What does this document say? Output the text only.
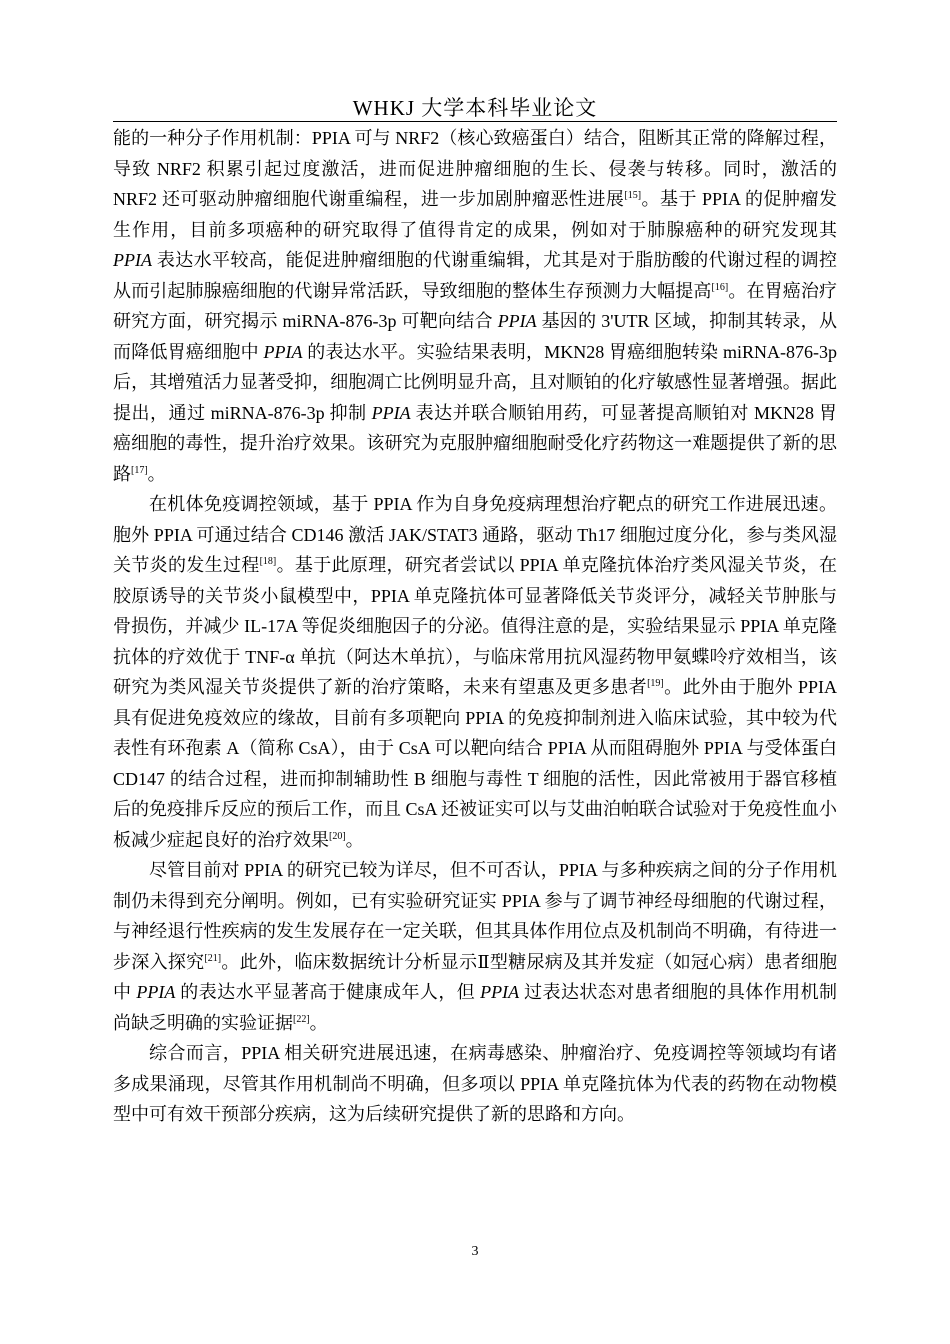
WHKJ 大学本科毕业论文

能的一种分子作用机制：PPIA 可与 NRF2（核心致癌蛋白）结合，阻断其正常的降解过程，导致 NRF2 积累引起过度激活，进而促进肿瘤细胞的生长、侵袭与转移。同时，激活的 NRF2 还可驱动肿瘤细胞代谢重编程，进一步加剧肿瘤恶性进展[15]。基于 PPIA 的促肿瘤发生作用，目前多项癌种的研究取得了值得肯定的成果，例如对于肺腺癌种的研究发现其 PPIA 表达水平较高，能促进肿瘤细胞的代谢重编辑，尤其是对于脂肪酸的代谢过程的调控从而引起肺腺癌细胞的代谢异常活跃，导致细胞的整体生存预测力大幅提高[16]。在胃癌治疗研究方面，研究揭示 miRNA-876-3p 可靶向结合 PPIA 基因的 3'UTR 区域，抑制其转录，从而降低胃癌细胞中 PPIA 的表达水平。实验结果表明，MKN28 胃癌细胞转染 miRNA-876-3p 后，其增殖活力显著受抑，细胞凋亡比例明显升高，且对顺铂的化疗敏感性显著增强。据此提出，通过 miRNA-876-3p 抑制 PPIA 表达并联合顺铂用药，可显著提高顺铂对 MKN28 胃癌细胞的毒性，提升治疗效果。该研究为克服肿瘤细胞耐受化疗药物这一难题提供了新的思路[17]。

在机体免疫调控领域，基于 PPIA 作为自身免疫病理想治疗靶点的研究工作进展迅速。胞外 PPIA 可通过结合 CD146 激活 JAK/STAT3 通路，驱动 Th17 细胞过度分化，参与类风湿关节炎的发生过程[18]。基于此原理，研究者尝试以 PPIA 单克隆抗体治疗类风湿关节炎，在胶原诱导的关节炎小鼠模型中，PPIA 单克隆抗体可显著降低关节炎评分，减轻关节肿胀与骨损伤，并减少 IL-17A 等促炎细胞因子的分泌。值得注意的是，实验结果显示 PPIA 单克隆抗体的疗效优于 TNF-α 单抗（阿达木单抗），与临床常用抗风湿药物甲氨蝶呤疗效相当，该研究为类风湿关节炎提供了新的治疗策略，未来有望惠及更多患者[19]。此外由于胞外 PPIA 具有促进免疫效应的缘故，目前有多项靶向 PPIA 的免疫抑制剂进入临床试验，其中较为代表性有环孢素 A（简称 CsA），由于 CsA 可以靶向结合 PPIA 从而阻碍胞外 PPIA 与受体蛋白 CD147 的结合过程，进而抑制辅助性 B 细胞与毒性 T 细胞的活性，因此常被用于器官移植后的免疫排斥反应的预后工作，而且 CsA 还被证实可以与艾曲泊帕联合试验对于免疫性血小板减少症起良好的治疗效果[20]。

尽管目前对 PPIA 的研究已较为详尽，但不可否认，PPIA 与多种疾病之间的分子作用机制仍未得到充分阐明。例如，已有实验研究证实 PPIA 参与了调节神经母细胞的代谢过程，与神经退行性疾病的发生发展存在一定关联，但其具体作用位点及机制尚不明确，有待进一步深入探究[21]。此外，临床数据统计分析显示Ⅱ型糖尿病及其并发症（如冠心病）患者细胞中 PPIA 的表达水平显著高于健康成年人，但 PPIA 过表达状态对患者细胞的具体作用机制尚缺乏明确的实验证据[22]。

综合而言，PPIA 相关研究进展迅速，在病毒感染、肿瘤治疗、免疫调控等领域均有诸多成果涌现，尽管其作用机制尚不明确，但多项以 PPIA 单克隆抗体为代表的药物在动物模型中可有效干预部分疾病，这为后续研究提供了新的思路和方向。

3
